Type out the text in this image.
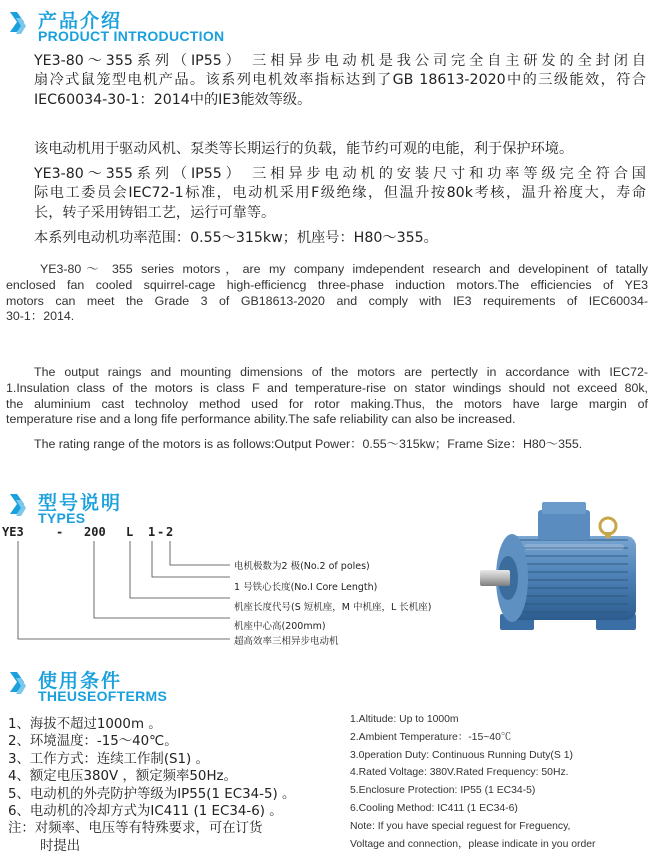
产品介绍
PRODUCT INTRODUCTION
YE3-80～355系列（IP55） 三相异步电动机是我公司完全自主研发的全封闭自
扇冷式鼠笼型电机产品。该系列电机效率指标达到了GB 18613-2020中的三级能效，符合
IEC60034-30-1：2014中的IE3能效等级。
该电动机用于驱动风机、泵类等长期运行的负载，能节约可观的电能，利于保护环境。
YE3-80～355系列（IP55） 三相异步电动机的安装尺寸和功率等级完全符合国
际电工委员会IEC72-1标准，电动机采用F级绝缘，但温升按80k考核，温升裕度大，寿命
长，转子采用铸铝工艺，运行可靠等。
本系列电动机功率范围：0.55～315kw；机座号：H80～355。
YE3-80～ 355 series motors，are my company imdependent research and developinent of tatally
enclosed fan cooled squirrel-cage high-efficiencg three-phase induction motors.The efficiencies of YE3
motors can meet the Grade 3 of GB18613-2020 and comply with IE3 requirements of IEC60034-
30-1：2014.
The output raings and mounting dimensions of the motors are pertectly in accordance with IEC72-
1.Insulation class of the motors is class F and temperature-rise on stator windings should not exceed 80k,
the aluminium cast technoloy method used for rotor making.Thus, the motors have large margin of
temperature rise and a long fife performance ability.The safe reliability can also be increased.
The rating range of the motors is as follows:Output Power：0.55～315kw；Frame Size：H80～355.
型号说明
TYPES
YE3	- 200 L 1 - 2
电机极数为2 极(No.2 of poles)
1 号铁心长度(No.I Core Length)
机座长度代号(S 短机座，M 中机座，L 长机座)
机座中心高(200mm)
超高效率三相异步电动机
使用条件
THEUSEOFTERMS
1、海拔不超过1000m 。
2、环境温度：-15～40℃。
3、工作方式：连续工作制(S1) 。
4、额定电压380V ，额定频率50Hz。
5、电动机的外壳防护等级为IP55(1 EC34-5) 。
6、电动机的冷却方式为IC411 (1 EC34-6) 。
注：对频率、电压等有特殊要求，可在订货
时提出
1.Altitude: Up to 1000m
2.Ambient Temperature：-15~40℃
3.0peration Duty: Continuous Running Duty(S 1)
4.Rated Voltage: 380V.Rated Frequency: 50Hz.
5.Enclosure Protection: IP55 (1 EC34-5)
6.Cooling Method: IC411 (1 EC34-6)
Note: If you have special reguest for Freguency,
Voltage and connection，please indicate in you order
